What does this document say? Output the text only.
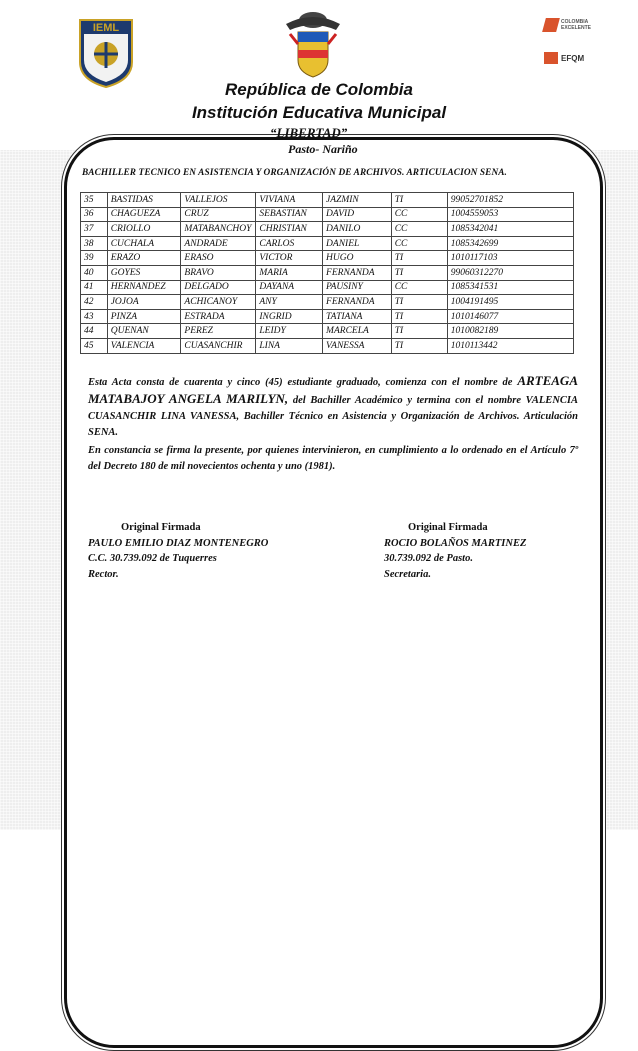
IEML	COLOMBIA EXCELENTE
EFQM
República de Colombia
Institución Educativa Municipal
“LIBERTAD”
Pasto- Nariño
BACHILLER TECNICO EN ASISTENCIA Y ORGANIZACIÓN DE ARCHIVOS. ARTICULACION SENA.
35	BASTIDAS	VALLEJOS	VIVIANA	JAZMIN	TI	99052701852
36	CHAGUEZA	CRUZ	SEBASTIAN	DAVID	CC	1004559053
37	CRIOLLO	MATABANCHOY	CHRISTIAN	DANILO	CC	1085342041
38	CUCHALA	ANDRADE	CARLOS	DANIEL	CC	1085342699
39	ERAZO	ERASO	VICTOR	HUGO	TI	1010117103
40	GOYES	BRAVO	MARIA	FERNANDA	TI	99060312270
41	HERNANDEZ	DELGADO	DAYANA	PAUSINY	CC	1085341531
42	JOJOA	ACHICANOY	ANY	FERNANDA	TI	1004191495
43	PINZA	ESTRADA	INGRID	TATIANA	TI	1010146077
44	QUENAN	PEREZ	LEIDY	MARCELA	TI	1010082189
45	VALENCIA	CUASANCHIR	LINA	VANESSA	TI	1010113442
Esta Acta consta de cuarenta y cinco (45) estudiante graduado, comienza con el nombre de ARTEAGA MATABAJOY ANGELA MARILYN, del Bachiller Académico y termina con el nombre VALENCIA CUASANCHIR LINA VANESSA, Bachiller Técnico en Asistencia y Organización de Archivos. Articulación SENA.
En constancia se firma la presente, por quienes intervinieron, en cumplimiento a lo ordenado en el Artículo 7º del Decreto 180 de mil novecientos ochenta y uno (1981).
Original Firmada
PAULO EMILIO DIAZ MONTENEGRO
C.C. 30.739.092 de Tuquerres
Rector.
Original Firmada
ROCIO BOLAÑOS MARTINEZ
30.739.092 de Pasto.
Secretaria.
